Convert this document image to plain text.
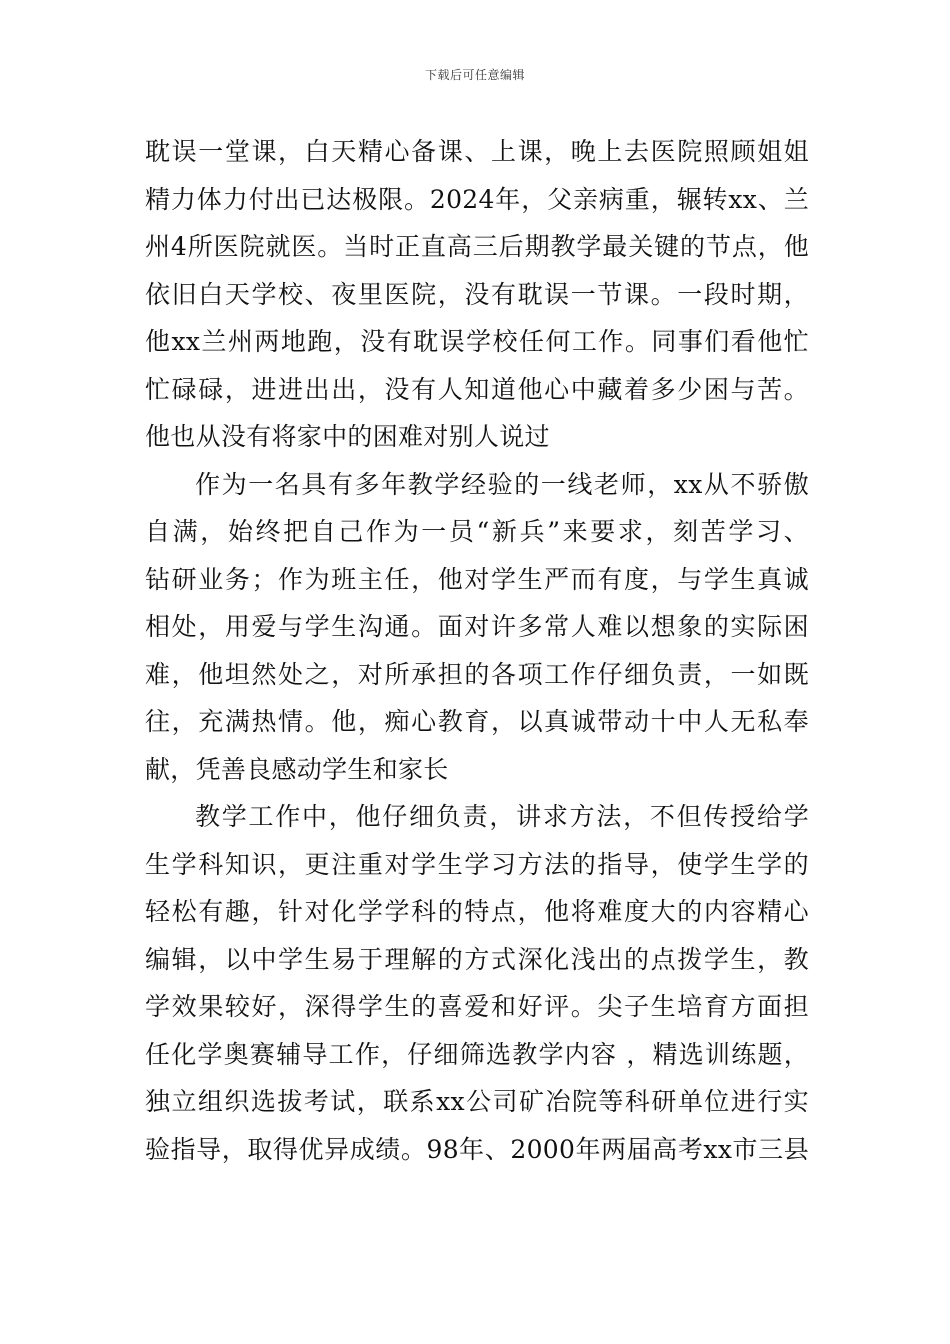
下载后可任意编辑
耽误一堂课，白天精心备课、上课，晚上去医院照顾姐姐
精力体力付出已达极限。2024年，父亲病重，辗转xx、兰
州4所医院就医。当时正直高三后期教学最关键的节点，他
依旧白天学校、夜里医院，没有耽误一节课。一段时期，
他xx兰州两地跑，没有耽误学校任何工作。同事们看他忙
忙碌碌，进进出出，没有人知道他心中藏着多少困与苦。
他也从没有将家中的困难对别人说过
作为一名具有多年教学经验的一线老师，xx从不骄傲
自满，始终把自己作为一员“新兵”来要求，刻苦学习、
钻研业务；作为班主任，他对学生严而有度，与学生真诚
相处，用爱与学生沟通。面对许多常人难以想象的实际困
难，他坦然处之，对所承担的各项工作仔细负责，一如既
往，充满热情。他，痴心教育，以真诚带动十中人无私奉
献，凭善良感动学生和家长
教学工作中，他仔细负责，讲求方法，不但传授给学
生学科知识，更注重对学生学习方法的指导，使学生学的
轻松有趣，针对化学学科的特点，他将难度大的内容精心
编辑，以中学生易于理解的方式深化浅出的点拨学生，教
学效果较好，深得学生的喜爱和好评。尖子生培育方面担
任化学奥赛辅导工作，仔细筛选教学内容 ，精选训练题，
独立组织选拔考试，联系xx公司矿冶院等科研单位进行实
验指导，取得优异成绩。98年、2000年两届高考xx市三县
